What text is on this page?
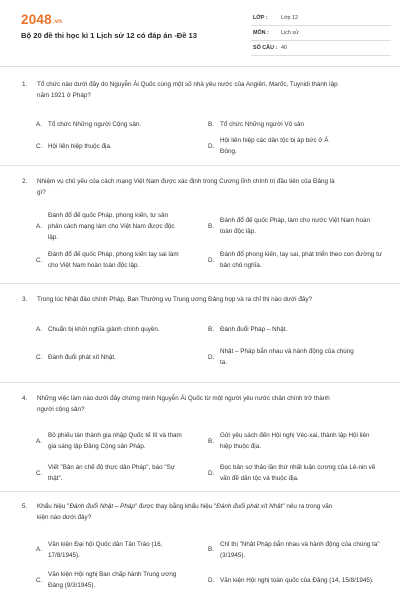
2048.vn
Bộ 20 đề thi học kì 1 Lịch sử 12 có đáp án -Đề 13
LỚP : Lớp 12
MÔN : Lịch sử
SỐ CÂU : 40
1.	Tổ chức nào dưới đây do Nguyễn Ái Quốc cùng một số nhà yêu nước của Angiêri, Marốc, Tuynidi thành lập năm 1921 ở Pháp?
A. Tổ chức Những người Cộng sản.	B. Tổ chức Những người Vô sản
C. Hội liên hiệp thuộc địa.	D.
Hội liên hiệp các dân tộc bị áp bức ở Á Đông.
2.	Nhiệm vụ chủ yếu của cách mạng Việt Nam được xác định trong Cương lĩnh chính trị đầu tiên của Đảng là gì?
A.
Đánh đổ đế quốc Pháp, phong kiến, tư sản phản cách mạng làm cho Việt Nam được độc lập.
B.
Đánh đổ đế quốc Pháp, làm cho nước Việt Nam hoàn toàn độc lập.
C.
Đánh đổ đế quốc Pháp, phong kiến tay sai làm cho Việt Nam hoàn toàn độc lập.
D.
Đánh đổ phong kiến, tay sai, phát triển theo con đường tư bản chủ nghĩa.
3.	Trong lúc Nhật đảo chính Pháp, Ban Thường vụ Trung ương Đảng họp và ra chỉ thị nào dưới đây?
A. Chuẩn bị khởi nghĩa giành chính quyền.	B. Đánh đuổi Pháp – Nhật.
C. Đánh đuổi phát xít Nhật.	D.
Nhật – Pháp bắn nhau và hành động của chúng ta.
4.	Những việc làm nào dưới đây chứng minh Nguyễn Ái Quốc từ một người yêu nước chân chính trở thành người cộng sản?
A.
Bỏ phiếu tán thành gia nhập Quốc tế III và tham gia sáng lập Đảng Cộng sản Pháp.
B.
Gửi yêu sách đến Hội nghị Véc-xai, thành lập Hội liên hiệp thuộc địa.
C.
Viết "Bản án chế độ thực dân Pháp", báo "Sự thật".
D.
Đọc bản sơ thảo lần thứ nhất luận cương của Lê-nin về vấn đề dân tộc và thuộc địa.
5.	Khẩu hiệu "Đánh đuổi Nhật – Pháp" được thay bằng khẩu hiệu "Đánh đuổi phát xít Nhật" nêu ra trong văn kiện nào dưới đây?
A.
Văn kiện Đại hội Quốc dân Tân Trào (16, 17/8/1945).
B.
Chỉ thị "Nhật Pháp bắn nhau và hành động của chúng ta" (3/1945).
C.
Văn kiện Hội nghị Ban chấp hành Trung ương Đảng (9/3/1945).
D. Văn kiện Hội nghị toàn quốc của Đảng (14, 15/8/1945).
